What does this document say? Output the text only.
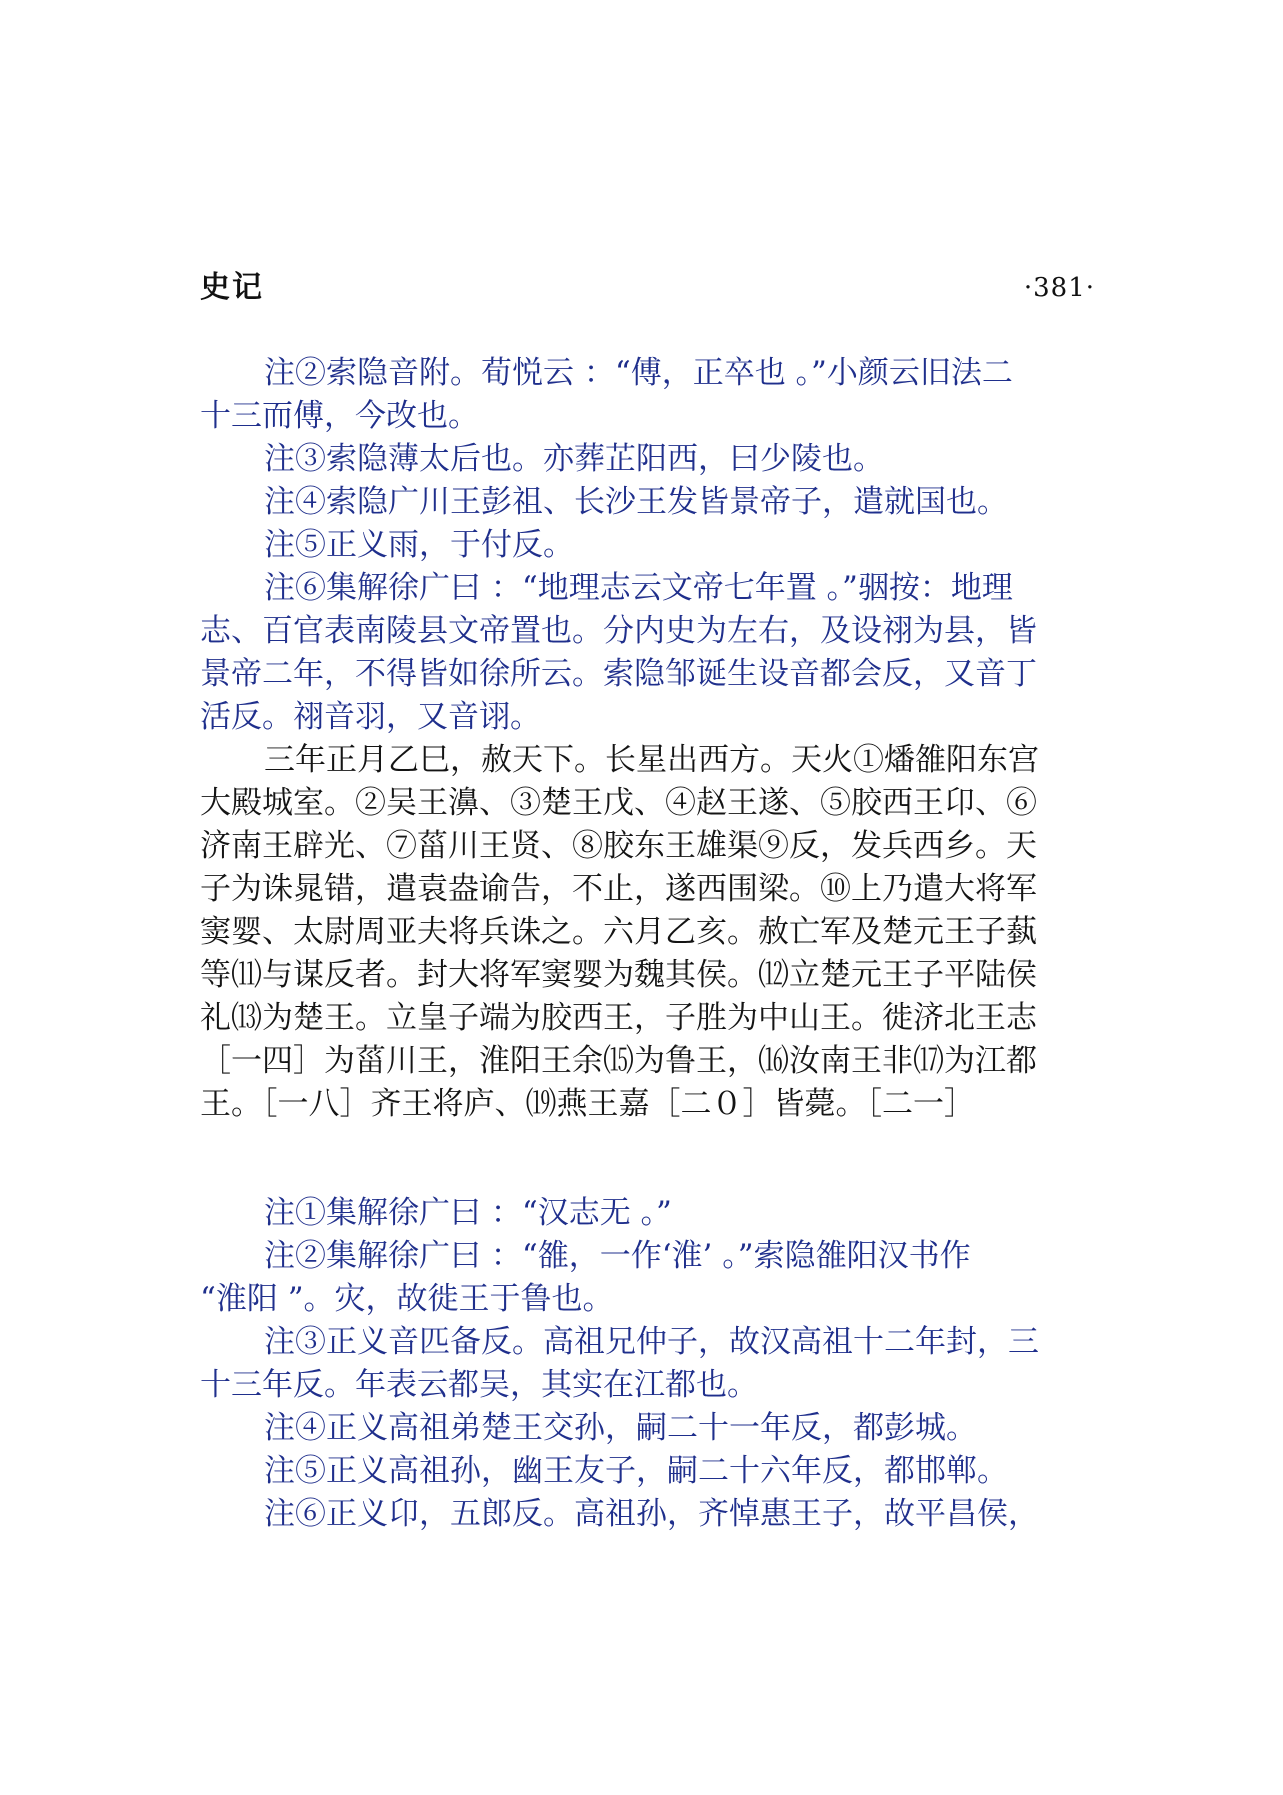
史记	·381·
注②索隐音附。荀悦云 ：“傅，正卒也 。”小颜云旧法二
十三而傅，今改也。
注③索隐薄太后也。亦葬芷阳西，曰少陵也。
注④索隐广川王彭祖、长沙王发皆景帝子，遣就国也。
注⑤正义雨，于付反。
注⑥集解徐广曰 ：“地理志云文帝七年置 。”骃按：地理
志、百官表南陵县文帝置也。分内史为左右，及设祤为县，皆
景帝二年，不得皆如徐所云。索隐邹诞生设音都会反，又音丁
活反。祤音羽，又音诩。
三年正月乙巳，赦天下。长星出西方。天火①燔雒阳东宫
大殿城室。②吴王濞、③楚王戊、④赵王遂、⑤胶西王卬、⑥
济南王辟光、⑦菑川王贤、⑧胶东王雄渠⑨反，发兵西乡。天
子为诛晁错，遣袁盎谕告，不止，遂西围梁。⑩上乃遣大将军
窦婴、太尉周亚夫将兵诛之。六月乙亥。赦亡军及楚元王子蓺
等⑾与谋反者。封大将军窦婴为魏其侯。⑿立楚元王子平陆侯
礼⒀为楚王。立皇子端为胶西王，子胜为中山王。徙济北王志
［一四］为菑川王，淮阳王余⒂为鲁王，⒃汝南王非⒄为江都
王。［一八］齐王将庐、⒆燕王嘉［二０］皆薨。［二一］
注①集解徐广曰 ：“汉志无 。”
注②集解徐广曰 ：“雒，一作‘淮’ 。”索隐雒阳汉书作
“淮阳 ”。灾，故徙王于鲁也。
注③正义音匹备反。高祖兄仲子，故汉高祖十二年封，三
十三年反。年表云都吴，其实在江都也。
注④正义高祖弟楚王交孙，嗣二十一年反，都彭城。
注⑤正义高祖孙，幽王友子，嗣二十六年反，都邯郸。
注⑥正义卬，五郎反。高祖孙，齐悼惠王子，故平昌侯，
